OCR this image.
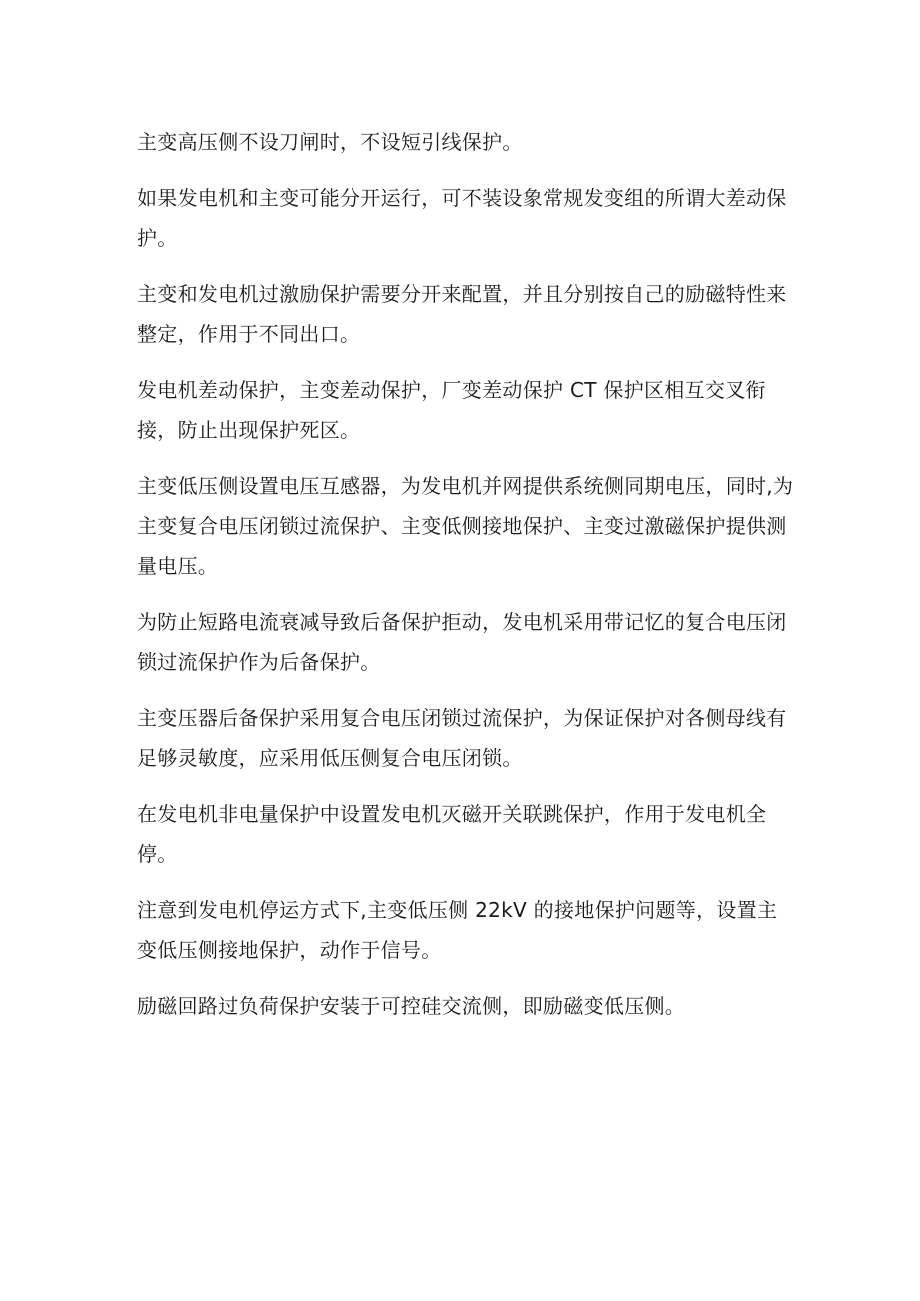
主变高压侧不设刀闸时，不设短引线保护。

如果发电机和主变可能分开运行，可不装设象常规发变组的所谓大差动保护。

主变和发电机过激励保护需要分开来配置，并且分别按自己的励磁特性来整定，作用于不同出口。

发电机差动保护，主变差动保护，厂变差动保护 CT 保护区相互交叉衔接，防止出现保护死区。

主变低压侧设置电压互感器，为发电机并网提供系统侧同期电压，同时,为主变复合电压闭锁过流保护、主变低侧接地保护、主变过激磁保护提供测量电压。

为防止短路电流衰减导致后备保护拒动，发电机采用带记忆的复合电压闭锁过流保护作为后备保护。

主变压器后备保护采用复合电压闭锁过流保护，为保证保护对各侧母线有足够灵敏度，应采用低压侧复合电压闭锁。

在发电机非电量保护中设置发电机灭磁开关联跳保护，作用于发电机全停。

注意到发电机停运方式下,主变低压侧 22kV 的接地保护问题等，设置主变低压侧接地保护，动作于信号。

励磁回路过负荷保护安装于可控硅交流侧，即励磁变低压侧。
